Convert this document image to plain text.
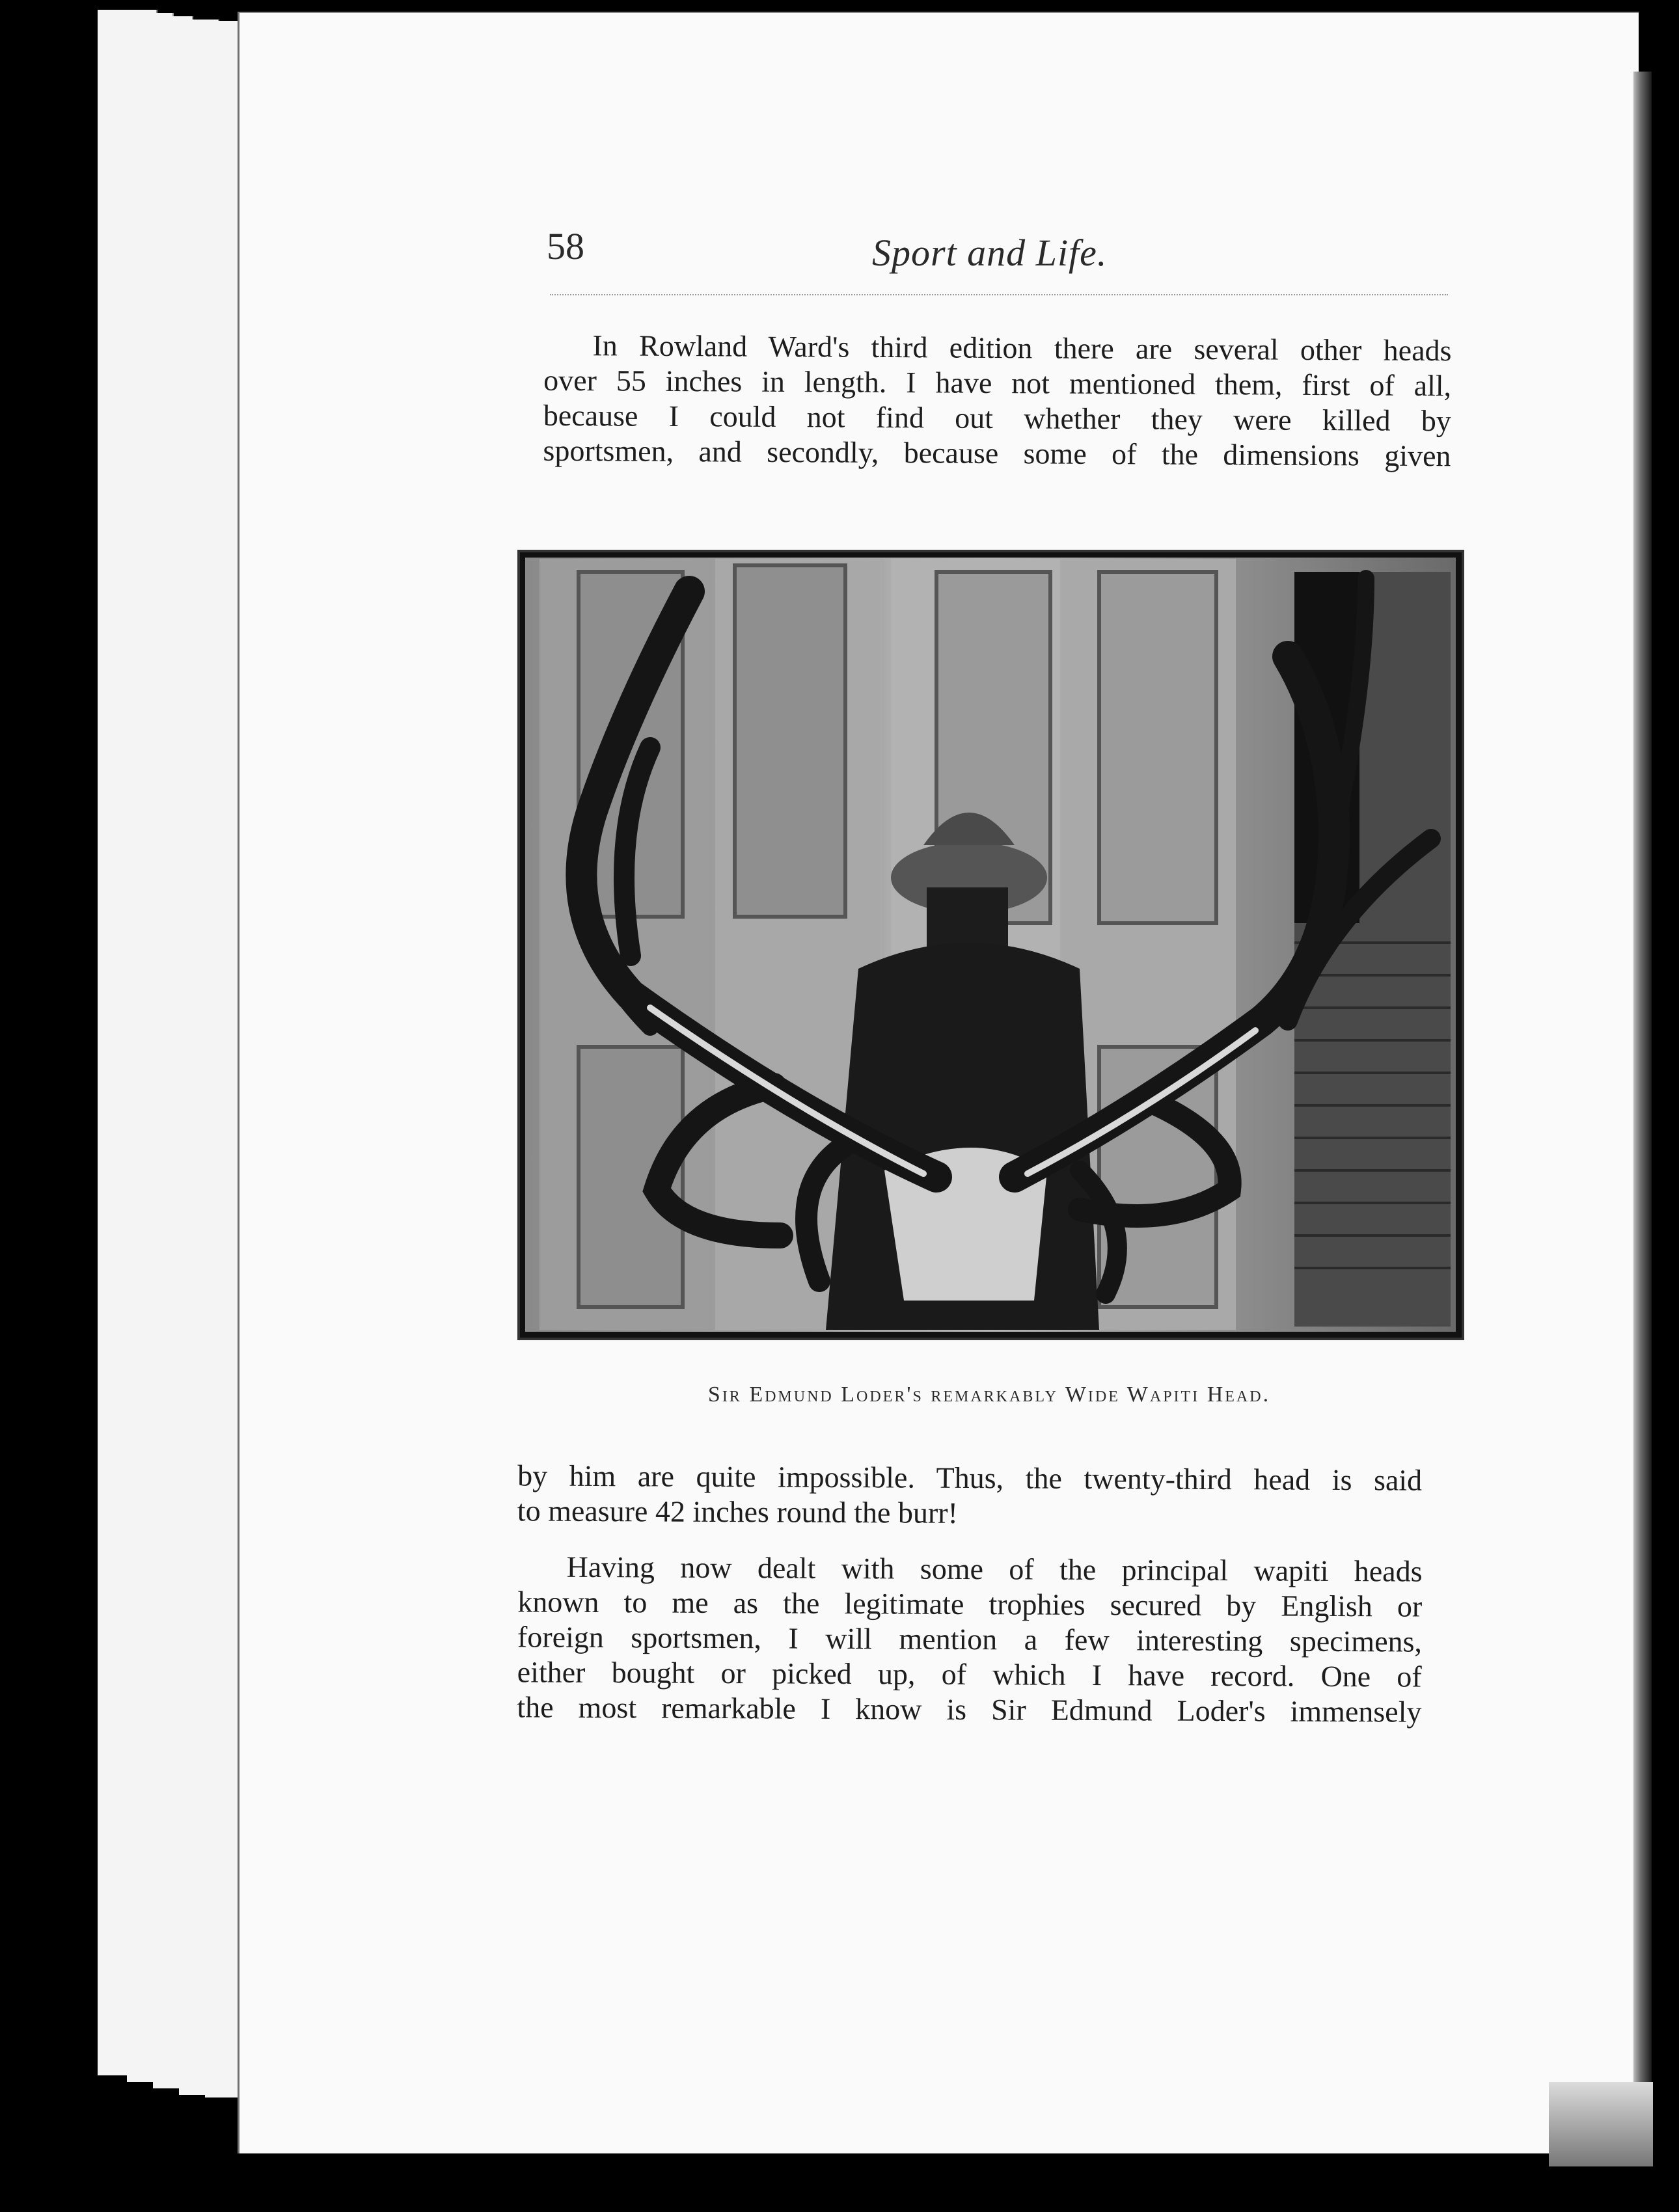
58	Sport and Life.
In Rowland Ward's third edition there are several other heads
over 55 inches in length. I have not mentioned them, first of all,
because I could not find out whether they were killed by
sportsmen, and secondly, because some of the dimensions given
Sir Edmund Loder's remarkably Wide Wapiti Head.
by him are quite impossible. Thus, the twenty-third head is said
to measure 42 inches round the burr!
Having now dealt with some of the principal wapiti heads
known to me as the legitimate trophies secured by English or
foreign sportsmen, I will mention a few interesting specimens,
either bought or picked up, of which I have record. One of
the most remarkable I know is Sir Edmund Loder's immensely
